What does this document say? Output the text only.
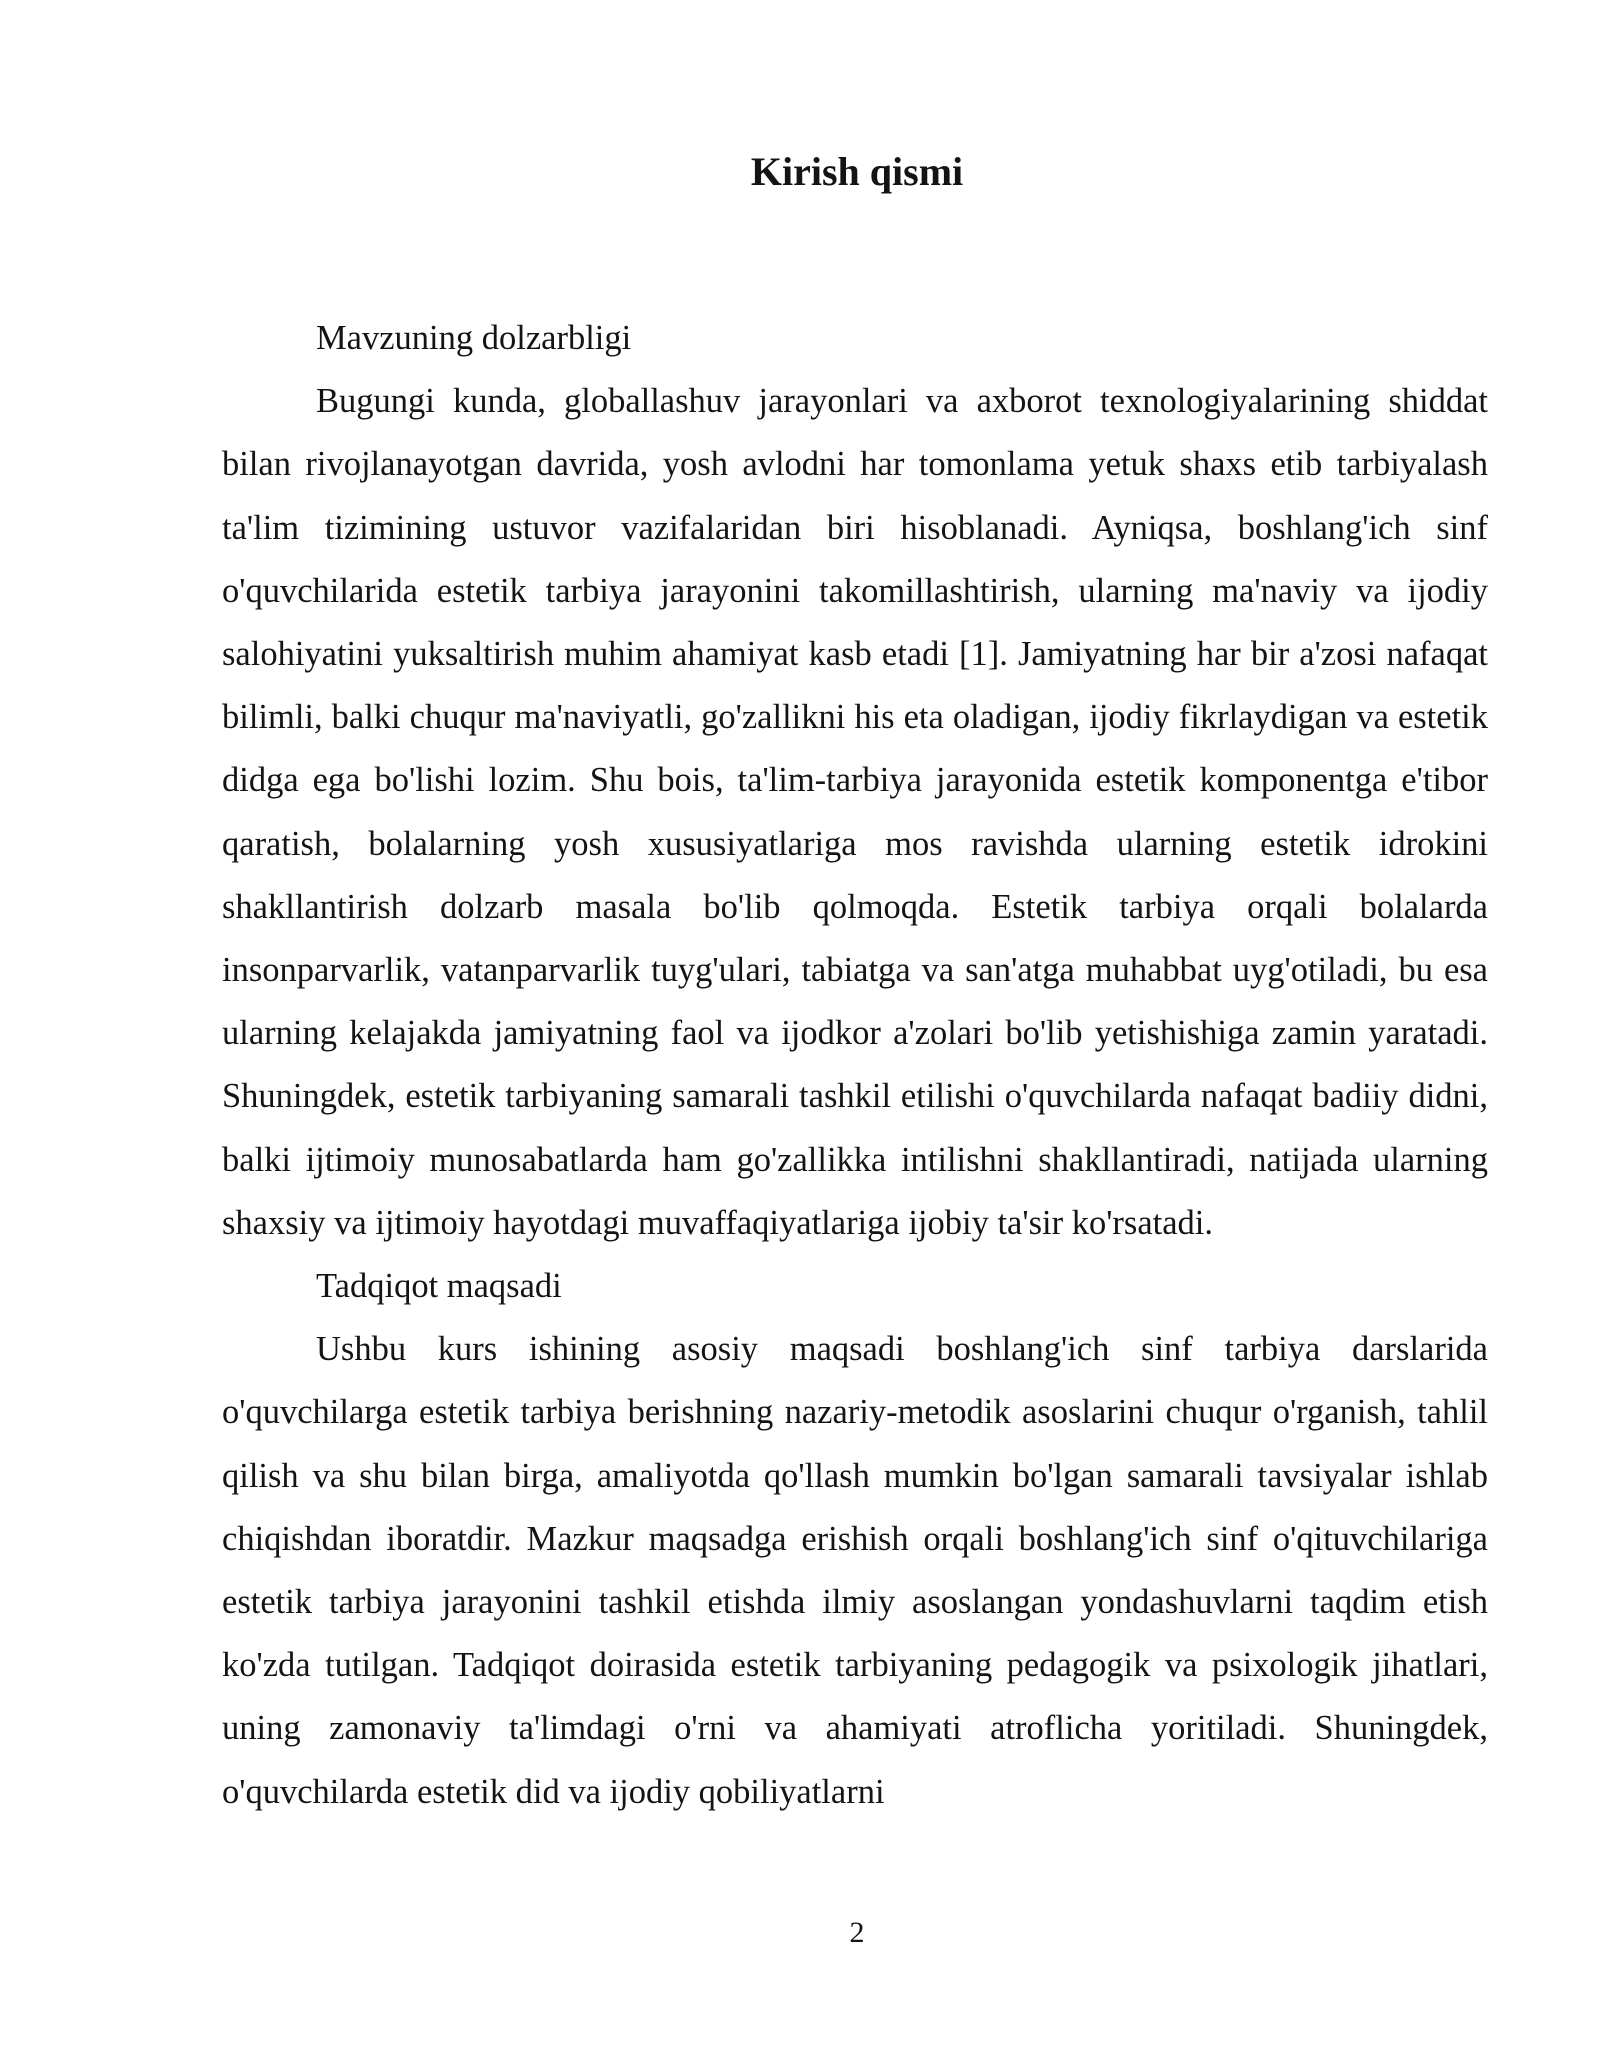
Kirish qismi

Mavzuning dolzarbligi

Bugungi kunda, globallashuv jarayonlari va axborot texnologiyalarining shiddat bilan rivojlanayotgan davrida, yosh avlodni har tomonlama yetuk shaxs etib tarbiyalash ta'lim tizimining ustuvor vazifalaridan biri hisoblanadi. Ayniqsa, boshlang'ich sinf o'quvchilarida estetik tarbiya jarayonini takomillashtirish, ularning ma'naviy va ijodiy salohiyatini yuksaltirish muhim ahamiyat kasb etadi [1]. Jamiyatning har bir a'zosi nafaqat bilimli, balki chuqur ma'naviyatli, go'zallikni his eta oladigan, ijodiy fikrlaydigan va estetik didga ega bo'lishi lozim. Shu bois, ta'lim-tarbiya jarayonida estetik komponentga e'tibor qaratish, bolalarning yosh xususiyatlariga mos ravishda ularning estetik idrokini shakllantirish dolzarb masala bo'lib qolmoqda. Estetik tarbiya orqali bolalarda insonparvarlik, vatanparvarlik tuyg'ulari, tabiatga va san'atga muhabbat uyg'otiladi, bu esa ularning kelajakda jamiyatning faol va ijodkor a'zolari bo'lib yetishishiga zamin yaratadi. Shuningdek, estetik tarbiyaning samarali tashkil etilishi o'quvchilarda nafaqat badiiy didni, balki ijtimoiy munosabatlarda ham go'zallikka intilishni shakllantiradi, natijada ularning shaxsiy va ijtimoiy hayotdagi muvaffaqiyatlariga ijobiy ta'sir ko'rsatadi.

Tadqiqot maqsadi

Ushbu kurs ishining asosiy maqsadi boshlang'ich sinf tarbiya darslarida o'quvchilarga estetik tarbiya berishning nazariy-metodik asoslarini chuqur o'rganish, tahlil qilish va shu bilan birga, amaliyotda qo'llash mumkin bo'lgan samarali tavsiyalar ishlab chiqishdan iboratdir. Mazkur maqsadga erishish orqali boshlang'ich sinf o'qituvchilariga estetik tarbiya jarayonini tashkil etishda ilmiy asoslangan yondashuvlarni taqdim etish ko'zda tutilgan. Tadqiqot doirasida estetik tarbiyaning pedagogik va psixologik jihatlari, uning zamonaviy ta'limdagi o'rni va ahamiyati atroflicha yoritiladi. Shuningdek, o'quvchilarda estetik did va ijodiy qobiliyatlarni

2
